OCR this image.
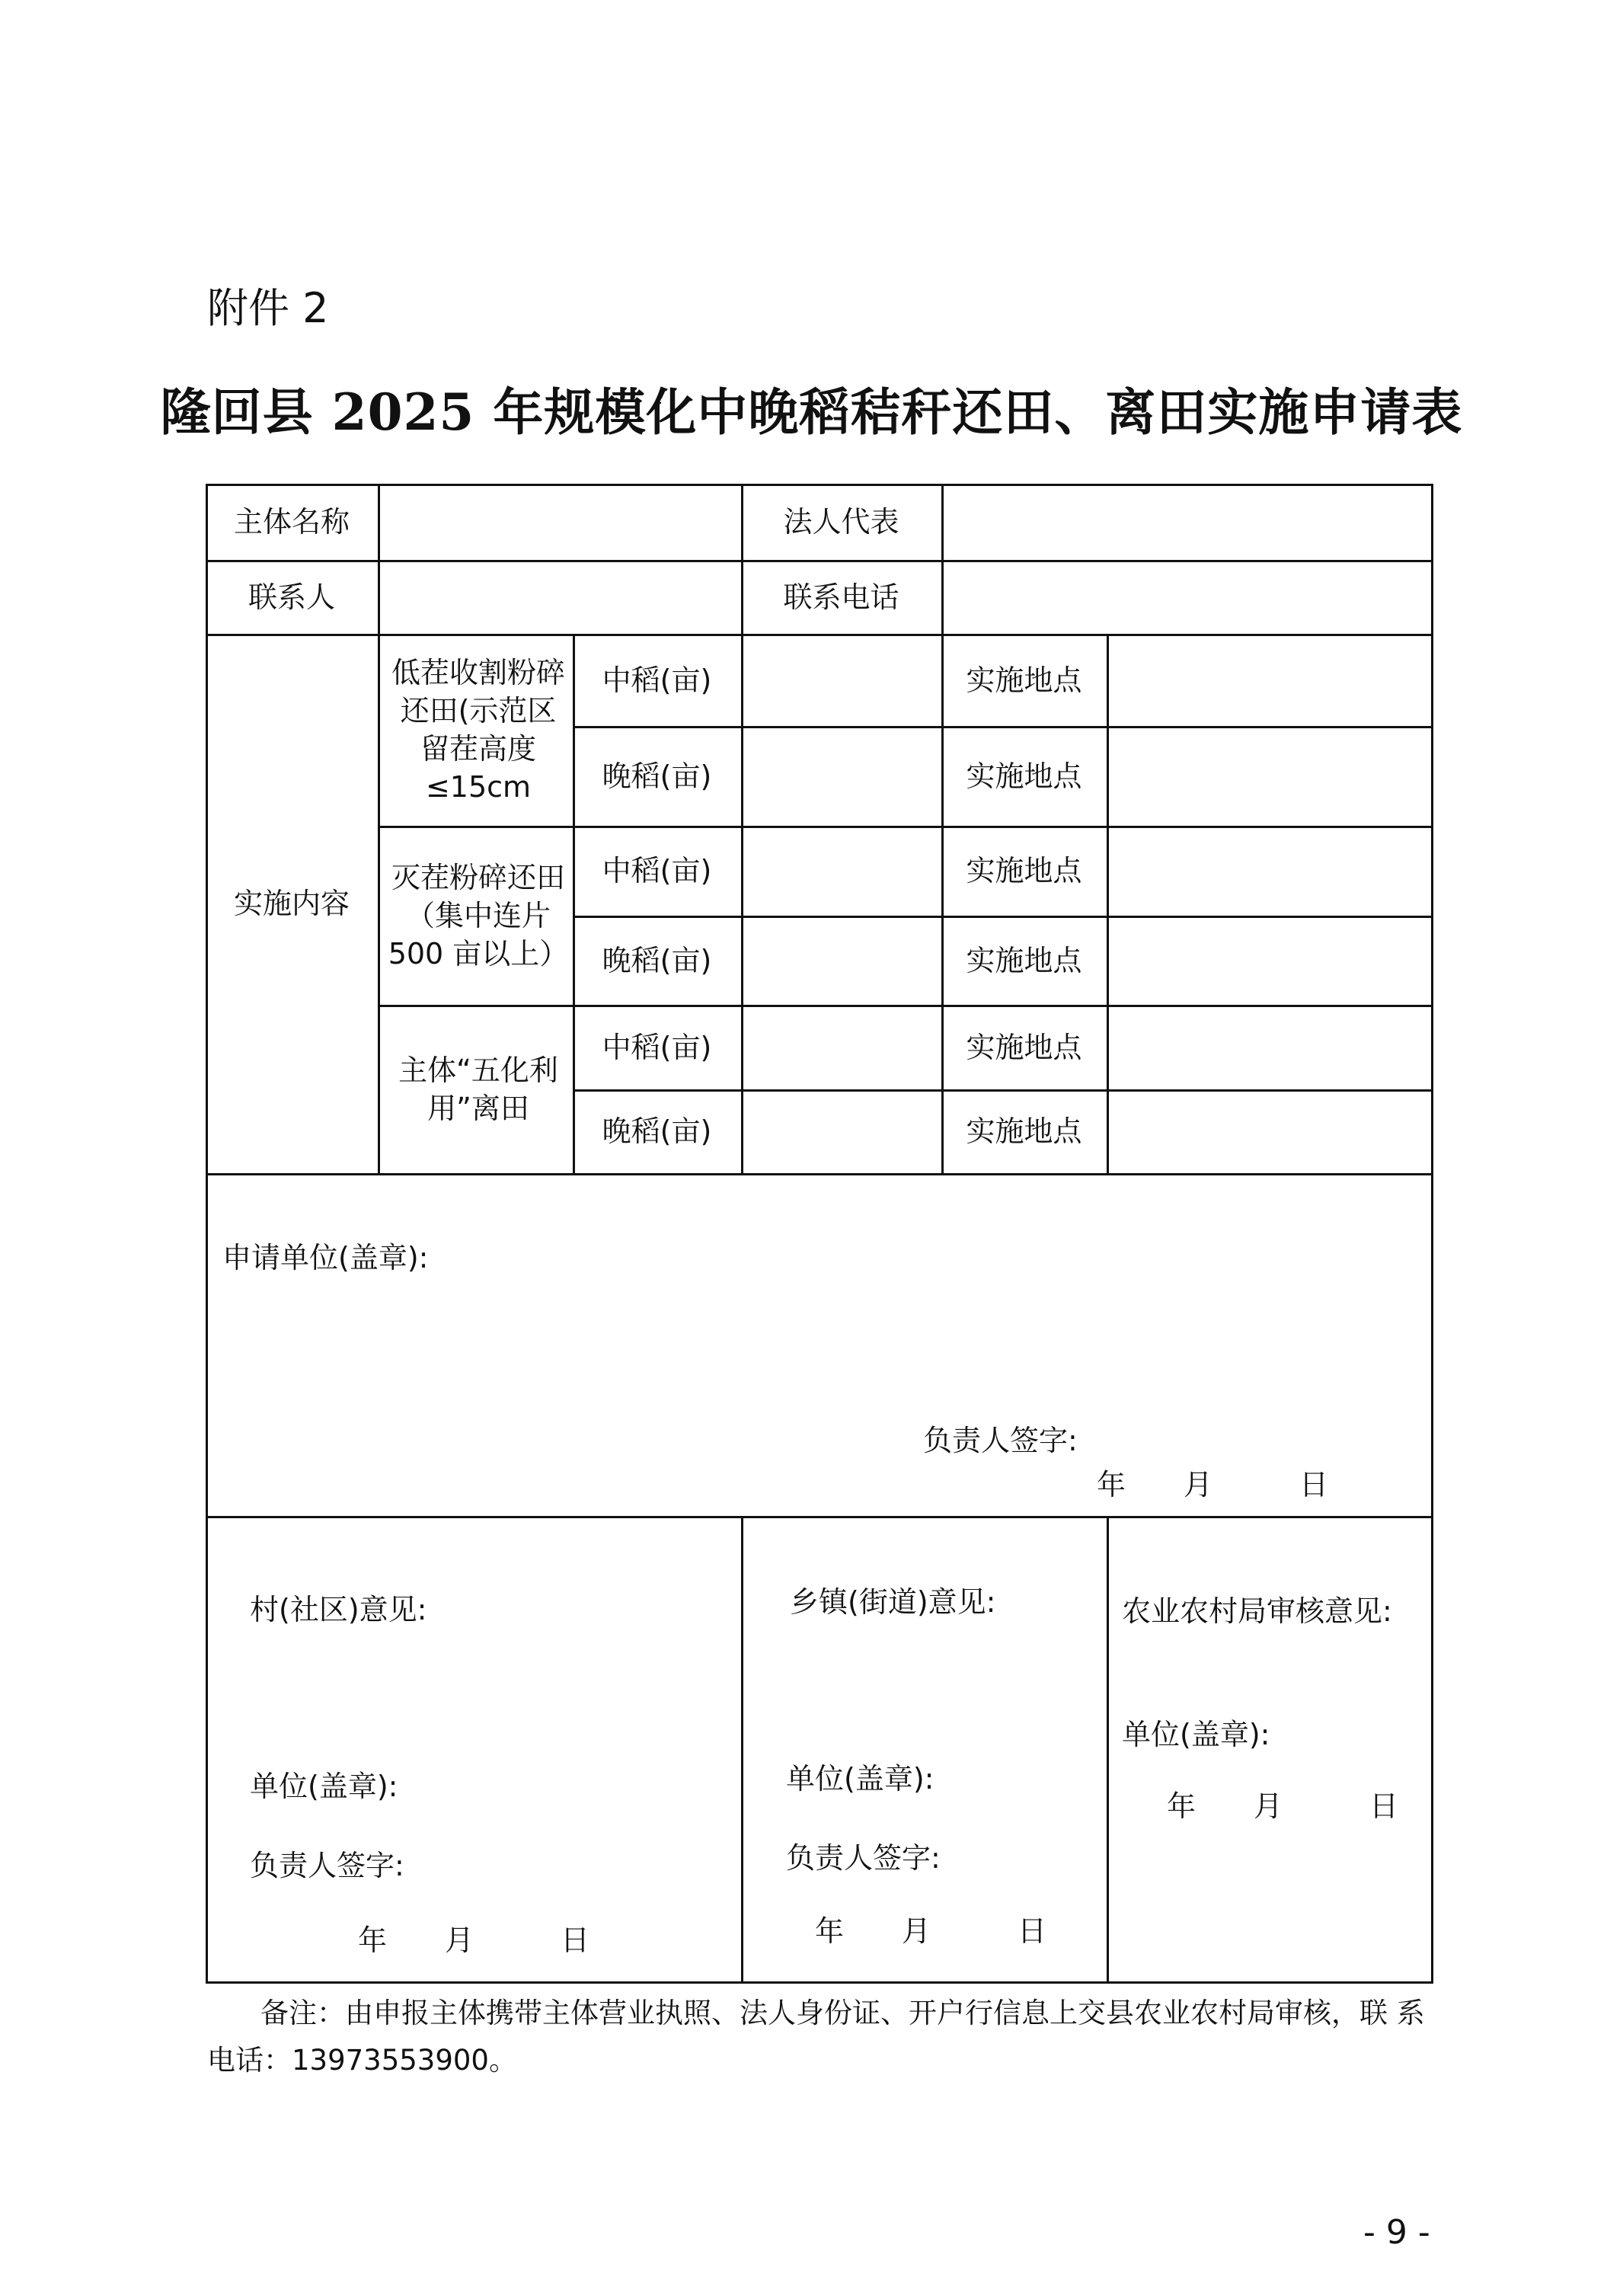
附件 2
隆回县 2025 年规模化中晚稻秸秆还田、离田实施申请表
主体名称	法人代表
联系人	联系电话
实施内容
低茬收割粉碎还田(示范区留茬高度≤15cm
灭茬粉碎还田（集中连片 500 亩以上）
主体“五化利用”离田
中稻(亩)
晚稻(亩)
中稻(亩)
晚稻(亩)
中稻(亩)
晚稻(亩)
实施地点
实施地点
实施地点
实施地点
实施地点
实施地点
申请单位(盖章):
负责人签字:
年　　月　　　日
村(社区)意见:
单位(盖章):
负责人签字:
年　　月　　　日
乡镇(街道)意见:
单位(盖章):
负责人签字:
年　　月　　　日
农业农村局审核意见:
单位(盖章):
年　　月　　　日
备注：由申报主体携带主体营业执照、法人身份证、开户行信息上交县农业农村局审核，联 系
电话：13973553900。
- 9 -
